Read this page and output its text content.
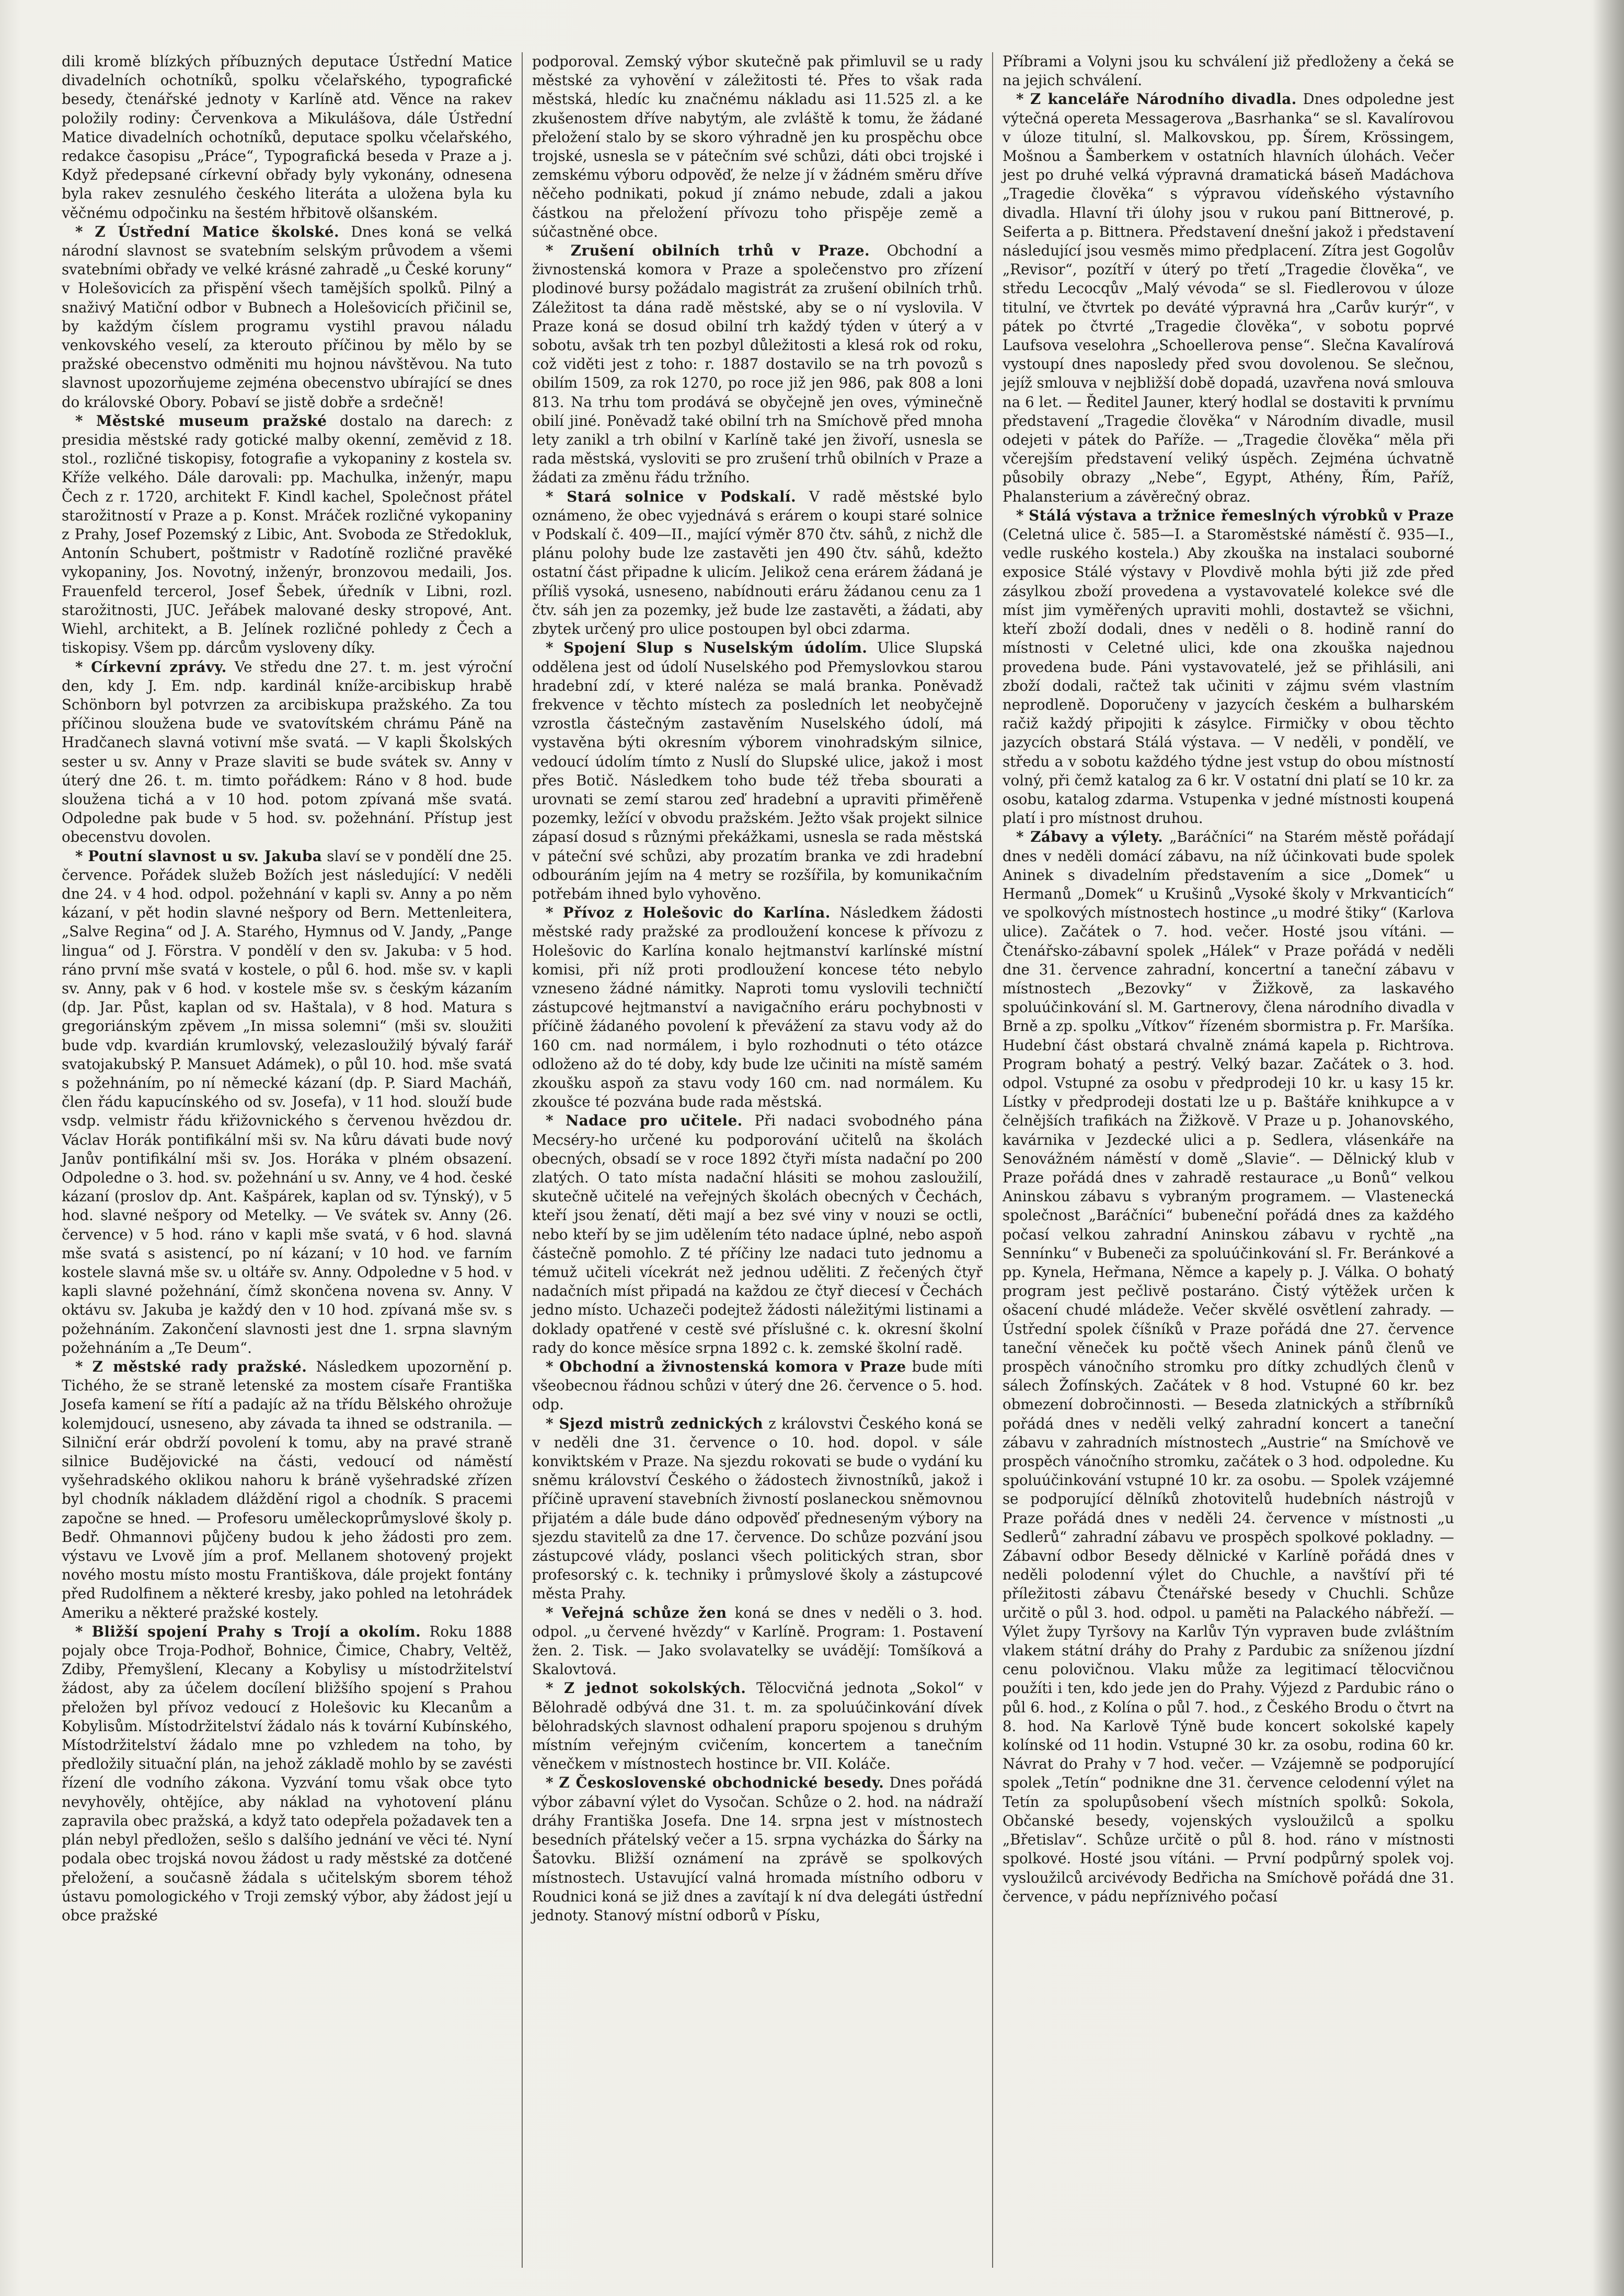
dili kromě blízkých příbuzných deputace Ústřední Matice divadelních ochotníků, spolku včelařského, typografické besedy, čtenářské jednoty v Karlíně atd. Věnce na rakev položily rodiny: Červenkova a Mikulášova, dále Ústřední Matice divadelních ochotníků, deputace spolku včelařského, redakce časopisu „Práce“, Typografická beseda v Praze a j. Když předepsané církevní obřady byly vykonány, odnesena byla rakev zesnulého českého literáta a uložena byla ku věčnému odpočinku na šestém hřbitově olšanském.

* Z Ústřední Matice školské. Dnes koná se velká národní slavnost se svatebním selským průvodem a všemi svatebními obřady ve velké krásné zahradě „u České koruny“ v Holešovicích za přispění všech tamějších spolků. Pilný a snaživý Matiční odbor v Bubnech a Holešovicích přičinil se, by každým číslem programu vystihl pravou náladu venkovského veselí, za kterouto příčinou by mělo by se pražské obecenstvo odměniti mu hojnou návštěvou. Na tuto slavnost upozorňujeme zejména obecenstvo ubírající se dnes do královské Obory. Pobaví se jistě dobře a srdečně!

* Městské museum pražské dostalo na darech: z presidia městské rady gotické malby okenní, zeměvid z 18. stol., rozličné tiskopisy, fotografie a vykopaniny z kostela sv. Kříže velkého. Dále darovali: pp. Machulka, inženýr, mapu Čech z r. 1720, architekt F. Kindl kachel, Společnost přátel starožitností v Praze a p. Konst. Mráček rozličné vykopaniny z Prahy, Josef Pozemský z Libic, Ant. Svoboda ze Středokluk, Antonín Schubert, poštmistr v Radotíně rozličné pravěké vykopaniny, Jos. Novotný, inženýr, bronzovou medaili, Jos. Frauenfeld tercerol, Josef Šebek, úředník v Libni, rozl. starožitnosti, JUC. Jeřábek malované desky stropové, Ant. Wiehl, architekt, a B. Jelínek rozličné pohledy z Čech a tiskopisy. Všem pp. dárcům vysloveny díky.

* Církevní zprávy. Ve středu dne 27. t. m. jest výroční den, kdy J. Em. ndp. kardinál kníže-arcibiskup hrabě Schönborn byl potvrzen za arcibiskupa pražského. Za tou příčinou sloužena bude ve svatovítském chrámu Páně na Hradčanech slavná votivní mše svatá. — V kapli Školských sester u sv. Anny v Praze slaviti se bude svátek sv. Anny v úterý dne 26. t. m. timto pořádkem: Ráno v 8 hod. bude sloužena tichá a v 10 hod. potom zpívaná mše svatá. Odpoledne pak bude v 5 hod. sv. požehnání. Přístup jest obecenstvu dovolen.

* Poutní slavnost u sv. Jakuba slaví se v pondělí dne 25. července. Pořádek služeb Božích jest následující: V neděli dne 24. v 4 hod. odpol. požehnání v kapli sv. Anny a po něm kázaní, v pět hodin slavné nešpory od Bern. Mettenleitera, „Salve Regina“ od J. A. Starého, Hymnus od V. Jandy, „Pange lingua“ od J. Förstra. V pondělí v den sv. Jakuba: v 5 hod. ráno první mše svatá v kostele, o půl 6. hod. mše sv. v kapli sv. Anny, pak v 6 hod. v kostele mše sv. s českým kázaním (dp. Jar. Půst, kaplan od sv. Haštala), v 8 hod. Matura s gregoriánským zpěvem „In missa solemni“ (mši sv. sloužiti bude vdp. kvardián krumlovský, velezasloužilý bývalý farář svatojakubský P. Mansuet Adámek), o půl 10. hod. mše svatá s požehnáním, po ní německé kázaní (dp. P. Siard Macháň, člen řádu kapucínského od sv. Josefa), v 11 hod. slouží bude vsdp. velmistr řádu křižovnického s červenou hvězdou dr. Václav Horák pontifikální mši sv. Na kůru dávati bude nový Janův pontifikální mši sv. Jos. Horáka v plném obsazení. Odpoledne o 3. hod. sv. požehnání u sv. Anny, ve 4 hod. české kázaní (proslov dp. Ant. Kašpárek, kaplan od sv. Týnský), v 5 hod. slavné nešpory od Metelky. — Ve svátek sv. Anny (26. července) v 5 hod. ráno v kapli mše svatá, v 6 hod. slavná mše svatá s asistencí, po ní kázaní; v 10 hod. ve farním kostele slavná mše sv. u oltáře sv. Anny. Odpoledne v 5 hod. v kapli slavné požehnání, čímž skončena novena sv. Anny. V oktávu sv. Jakuba je každý den v 10 hod. zpívaná mše sv. s požehnáním. Zakončení slavnosti jest dne 1. srpna slavným požehnáním a „Te Deum“.

* Z městské rady pražské. Následkem upozornění p. Tichého, že se straně letenské za mostem císaře Františka Josefa kamení se řítí a padajíc až na třídu Bělského ohrožuje kolemjdoucí, usneseno, aby závada ta ihned se odstranila. — Silniční erár obdrží povolení k tomu, aby na pravé straně silnice Budějovické na části, vedoucí od náměstí vyšehradského oklikou nahoru k bráně vyšehradské zřízen byl chodník nákladem dláždění rigol a chodník. S pracemi započne se hned. — Profesoru uměleckoprůmyslové školy p. Bedř. Ohmannovi půjčeny budou k jeho žádosti pro zem. výstavu ve Lvově jím a prof. Mellanem shotovený projekt nového mostu místo mostu Františkova, dále projekt fontány před Rudolfinem a některé kresby, jako pohled na letohrádek Ameriku a některé pražské kostely.

* Bližší spojení Prahy s Trojí a okolím. Roku 1888 pojaly obce Troja-Podhoř, Bohnice, Čimice, Chabry, Veltěž, Zdiby, Přemyšlení, Klecany a Kobylisy u místodržitelství žádost, aby za účelem docílení bližšího spojení s Prahou přeložen byl přívoz vedoucí z Holešovic ku Klecanům a Kobylisům. Místodržitelství žádalo nás k tovární Kubínského, Místodržitelství žádalo mne po vzhledem na toho, by předložily situační plán, na jehož základě mohlo by se zavésti řízení dle vodního zákona. Vyzvání tomu však obce tyto nevyhověly, ohtějíce, aby náklad na vyhotovení plánu zapravila obec pražská, a když tato odepřela požadavek ten a plán nebyl předložen, sešlo s dalšího jednání ve věci té. Nyní podala obec trojská novou žádost u rady městské za dotčené přeložení, a současně žádala s učitelským sborem téhož ústavu pomologického v Troji zemský výbor, aby žádost její u obce pražské

podporoval. Zemský výbor skutečně pak přimluvil se u rady městské za vyhovění v záležitosti té. Přes to však rada městská, hledíc ku značnému nákladu asi 11.525 zl. a ke zkušenostem dříve nabytým, ale zvláště k tomu, že žádané přeložení stalo by se skoro výhradně jen ku prospěchu obce trojské, usnesla se v pátečním své schůzi, dáti obci trojské i zemskému výboru odpověď, že nelze jí v žádném směru dříve něčeho podnikati, pokud jí známo nebude, zdali a jakou částkou na přeložení přívozu toho přispěje země a súčastněné obce.

* Zrušení obilních trhů v Praze. Obchodní a živnostenská komora v Praze a společenstvo pro zřízení plodinové bursy požádalo magistrát za zrušení obilních trhů. Záležitost ta dána radě městské, aby se o ní vyslovila. V Praze koná se dosud obilní trh každý týden v úterý a v sobotu, avšak trh ten pozbyl důležitosti a klesá rok od roku, což viděti jest z toho: r. 1887 dostavilo se na trh povozů s obilím 1509, za rok 1270, po roce již jen 986, pak 808 a loni 813. Na trhu tom prodává se obyčejně jen oves, výminečně obilí jiné. Poněvadž také obilní trh na Smíchově před mnoha lety zanikl a trh obilní v Karlíně také jen živoří, usnesla se rada městská, vysloviti se pro zrušení trhů obilních v Praze a žádati za změnu řádu tržního.

* Stará solnice v Podskalí. V radě městské bylo oznámeno, že obec vyjednává s erárem o koupi staré solnice v Podskalí č. 409—II., mající výměr 870 čtv. sáhů, z nichž dle plánu polohy bude lze zastavěti jen 490 čtv. sáhů, kdežto ostatní část připadne k ulicím. Jelikož cena erárem žádaná je příliš vysoká, usneseno, nabídnouti eráru žádanou cenu za 1 čtv. sáh jen za pozemky, jež bude lze zastavěti, a žádati, aby zbytek určený pro ulice postoupen byl obci zdarma.

* Spojení Slup s Nuselským údolím. Ulice Slupská oddělena jest od údolí Nuselského pod Přemyslovkou starou hradební zdí, v které naléza se malá branka. Poněvadž frekvence v těchto místech za posledních let neobyčejně vzrostla částečným zastavěním Nuselského údolí, má vystavěna býti okresním výborem vinohradským silnice, vedoucí údolím tímto z Nuslí do Slupské ulice, jakož i most přes Botič. Následkem toho bude též třeba sbourati a urovnati se zemí starou zeď hradební a upraviti přiměřeně pozemky, ležící v obvodu pražském. Ježto však projekt silnice zápasí dosud s různými překážkami, usnesla se rada městská v páteční své schůzi, aby prozatím branka ve zdi hradební odbouráním jejím na 4 metry se rozšířila, by komunikačním potřebám ihned bylo vyhověno.

* Přívoz z Holešovic do Karlína. Následkem žádosti městské rady pražské za prodloužení koncese k přívozu z Holešovic do Karlína konalo hejtmanství karlínské místní komisi, při níž proti prodloužení koncese této nebylo vzneseno žádné námitky. Naproti tomu vyslovili techničtí zástupcové hejtmanství a navigačního eráru pochybnosti v příčině žádaného povolení k převážení za stavu vody až do 160 cm. nad normálem, i bylo rozhodnuti o této otázce odloženo až do té doby, kdy bude lze učiniti na místě samém zkoušku aspoň za stavu vody 160 cm. nad normálem. Ku zkoušce té pozvána bude rada městská.

* Nadace pro učitele. Při nadaci svobodného pána Mecséry-ho určené ku podporování učitelů na školách obecných, obsadí se v roce 1892 čtyři místa nadační po 200 zlatých. O tato místa nadační hlásiti se mohou zasloužilí, skutečně učitelé na veřejných školách obecných v Čechách, kteří jsou ženatí, děti mají a bez své viny v nouzi se octli, nebo kteří by se jim udělením této nadace úplné, nebo aspoň částečně pomohlo. Z té příčiny lze nadaci tuto jednomu a témuž učiteli vícekrát než jednou uděliti. Z řečených čtyř nadačních míst připadá na každou ze čtyř diecesí v Čechách jedno místo. Uchazeči podejtež žádosti náležitými listinami a doklady opatřené v cestě své příslušné c. k. okresní školní rady do konce měsíce srpna 1892 c. k. zemské školní radě.

* Obchodní a živnostenská komora v Praze bude míti všeobecnou řádnou schůzi v úterý dne 26. července o 5. hod. odp.

* Sjezd mistrů zednických z královstvi Českého koná se v neděli dne 31. července o 10. hod. dopol. v sále konviktském v Praze. Na sjezdu rokovati se bude o vydání ku sněmu království Českého o žádostech živnostníků, jakož i příčině upravení stavebních živností poslaneckou sněmovnou přijatém a dále bude dáno odpověď předneseným výbory na sjezdu stavitelů za dne 17. července. Do schůze pozvání jsou zástupcové vlády, poslanci všech politických stran, sbor profesorský c. k. techniky i průmyslové školy a zástupcové města Prahy.

* Veřejná schůze žen koná se dnes v neděli o 3. hod. odpol. „u červené hvězdy“ v Karlíně. Program: 1. Postavení žen. 2. Tisk. — Jako svolavatelky se uvádějí: Tomšíková a Skalovtová.

* Z jednot sokolských. Tělocvičná jednota „Sokol“ v Bělohradě odbývá dne 31. t. m. za spoluúčinkování dívek bělohradských slavnost odhalení praporu spojenou s druhým místním veřejným cvičením, koncertem a tanečním věnečkem v místnostech hostince br. VII. Koláče.

* Z Československé obchodnické besedy. Dnes pořádá výbor zábavní výlet do Vysočan. Schůze o 2. hod. na nádraží dráhy Františka Josefa. Dne 14. srpna jest v místnostech besedních přátelský večer a 15. srpna vycházka do Šárky na Šatovku. Bližší oznámení na zprávě se spolkových místnostech. Ustavující valná hromada místního odboru v Roudnici koná se již dnes a zavítají k ní dva delegáti ústřední jednoty. Stanový místní odborů v Písku,

Příbrami a Volyni jsou ku schválení již předloženy a čeká se na jejich schválení.

* Z kanceláře Národního divadla. Dnes odpoledne jest výtečná opereta Messagerova „Basrhanka“ se sl. Kavalírovou v úloze titulní, sl. Malkovskou, pp. Šírem, Krössingem, Mošnou a Šamberkem v ostatních hlavních úlohách. Večer jest po druhé velká výpravná dramatická báseň Madáchova „Tragedie člověka“ s výpravou vídeňského výstavního divadla. Hlavní tři úlohy jsou v rukou paní Bittnerové, p. Seiferta a p. Bittnera. Představení dnešní jakož i představení následující jsou vesměs mimo předplacení. Zítra jest Gogolův „Revisor“, pozítří v úterý po třetí „Tragedie člověka“, ve středu Lecocqův „Malý vévoda“ se sl. Fiedlerovou v úloze titulní, ve čtvrtek po deváté výpravná hra „Carův kurýr“, v pátek po čtvrté „Tragedie člověka“, v sobotu poprvé Laufsova veselohra „Schoellerova pense“. Slečna Kavalírová vystoupí dnes naposledy před svou dovolenou. Se slečnou, jejíž smlouva v nejbližší době dopadá, uzavřena nová smlouva na 6 let. — Ředitel Jauner, který hodlal se dostaviti k prvnímu představení „Tragedie člověka“ v Národním divadle, musil odejeti v pátek do Paříže. — „Tragedie člověka“ měla při včerejším představení veliký úspěch. Zejména úchvatně působily obrazy „Nebe“, Egypt, Athény, Řím, Paříž, Phalansterium a závěrečný obraz.

* Stálá výstava a tržnice řemeslných výrobků v Praze (Celetná ulice č. 585—I. a Staroměstské náměstí č. 935—I., vedle ruského kostela.) Aby zkouška na instalaci souborné exposice Stálé výstavy v Plovdivě mohla býti již zde před zásylkou zboží provedena a vystavovatelé kolekce své dle míst jim vyměřených upraviti mohli, dostavtež se všichni, kteří zboží dodali, dnes v neděli o 8. hodině ranní do místnosti v Celetné ulici, kde ona zkouška najednou provedena bude. Páni vystavovatelé, jež se přihlásili, ani zboží dodali, račtež tak učiniti v zájmu svém vlastním neprodleně. Doporučeny v jazycích českém a bulharském račiž každý připojiti k zásylce. Firmičky v obou těchto jazycích obstará Stálá výstava. — V neděli, v pondělí, ve středu a v sobotu každého týdne jest vstup do obou místností volný, při čemž katalog za 6 kr. V ostatní dni platí se 10 kr. za osobu, katalog zdarma. Vstupenka v jedné místnosti koupená platí i pro místnost druhou.

* Zábavy a výlety. „Baráčníci“ na Starém městě pořádají dnes v neděli domácí zábavu, na níž účinkovati bude spolek Aninek s divadelním představením a sice „Domek“ u Hermanů „Domek“ u Krušinů „Vysoké školy v Mrkvanticích“ ve spolkových místnostech hostince „u modré štiky“ (Karlova ulice). Začátek o 7. hod. večer. Hosté jsou vítáni. — Čtenářsko-zábavní spolek „Hálek“ v Praze pořádá v neděli dne 31. července zahradní, koncertní a taneční zábavu v místnostech „Bezovky“ v Žižkově, za laskavého spoluúčinkování sl. M. Gartnerovy, člena národního divadla v Brně a zp. spolku „Vítkov“ řízeném sbormistra p. Fr. Maršíka. Hudební část obstará chvalně známá kapela p. Richtrova. Program bohatý a pestrý. Velký bazar. Začátek o 3. hod. odpol. Vstupné za osobu v předprodeji 10 kr. u kasy 15 kr. Lístky v předprodeji dostati lze u p. Baštáře knihkupce a v čelnějších trafikách na Žižkově. V Praze u p. Johanovského, kavárnika v Jezdecké ulici a p. Sedlera, vlásenkáře na Senovážném náměstí v domě „Slavie“. — Dělnický klub v Praze pořádá dnes v zahradě restaurace „u Bonů“ velkou Aninskou zábavu s vybraným programem. — Vlastenecká společnost „Baráčníci“ bubeneční pořádá dnes za každého počasí velkou zahradní Aninskou zábavu v rychtě „na Sennínku“ v Bubeneči za spoluúčinkování sl. Fr. Beránkové a pp. Kynela, Heřmana, Němce a kapely p. J. Válka. O bohatý program jest pečlivě postaráno. Čistý výtěžek určen k ošacení chudé mládeže. Večer skvělé osvětlení zahrady. — Ústřední spolek číšníků v Praze pořádá dne 27. července taneční věneček ku počtě všech Aninek pánů členů ve prospěch vánočního stromku pro dítky zchudlých členů v sálech Žofínských. Začátek v 8 hod. Vstupné 60 kr. bez obmezení dobročinnosti. — Beseda zlatnických a stříbrníků pořádá dnes v neděli velký zahradní koncert a taneční zábavu v zahradních místnostech „Austrie“ na Smíchově ve prospěch vánočního stromku, začátek o 3 hod. odpoledne. Ku spoluúčinkování vstupné 10 kr. za osobu. — Spolek vzájemné se podporující dělníků zhotovitelů hudebních nástrojů v Praze pořádá dnes v neděli 24. července v místnosti „u Sedlerů“ zahradní zábavu ve prospěch spolkové pokladny. — Zábavní odbor Besedy dělnické v Karlíně pořádá dnes v neděli polodenní výlet do Chuchle, a navštíví při té příležitosti zábavu Čtenářské besedy v Chuchli. Schůze určitě o půl 3. hod. odpol. u paměti na Palackého nábřeží. — Výlet župy Tyršovy na Karlův Týn vypraven bude zvláštním vlakem státní dráhy do Prahy z Pardubic za sníženou jízdní cenu polovičnou. Vlaku může za legitimací tělocvičnou použíti i ten, kdo jede jen do Prahy. Výjezd z Pardubic ráno o půl 6. hod., z Kolína o půl 7. hod., z Českého Brodu o čtvrt na 8. hod. Na Karlově Týně bude koncert sokolské kapely kolínské od 11 hodin. Vstupné 30 kr. za osobu, rodina 60 kr. Návrat do Prahy v 7 hod. večer. — Vzájemně se podporující spolek „Tetín“ podnikne dne 31. července celodenní výlet na Tetín za spolupůsobení všech místních spolků: Sokola, Občanské besedy, vojenských vysloužilců a spolku „Břetislav“. Schůze určitě o půl 8. hod. ráno v místnosti spolkové. Hosté jsou vítáni. — První podpůrný spolek voj. vysloužilců arcivévody Bedřicha na Smíchově pořádá dne 31. července, v pádu nepříznivého počasí
